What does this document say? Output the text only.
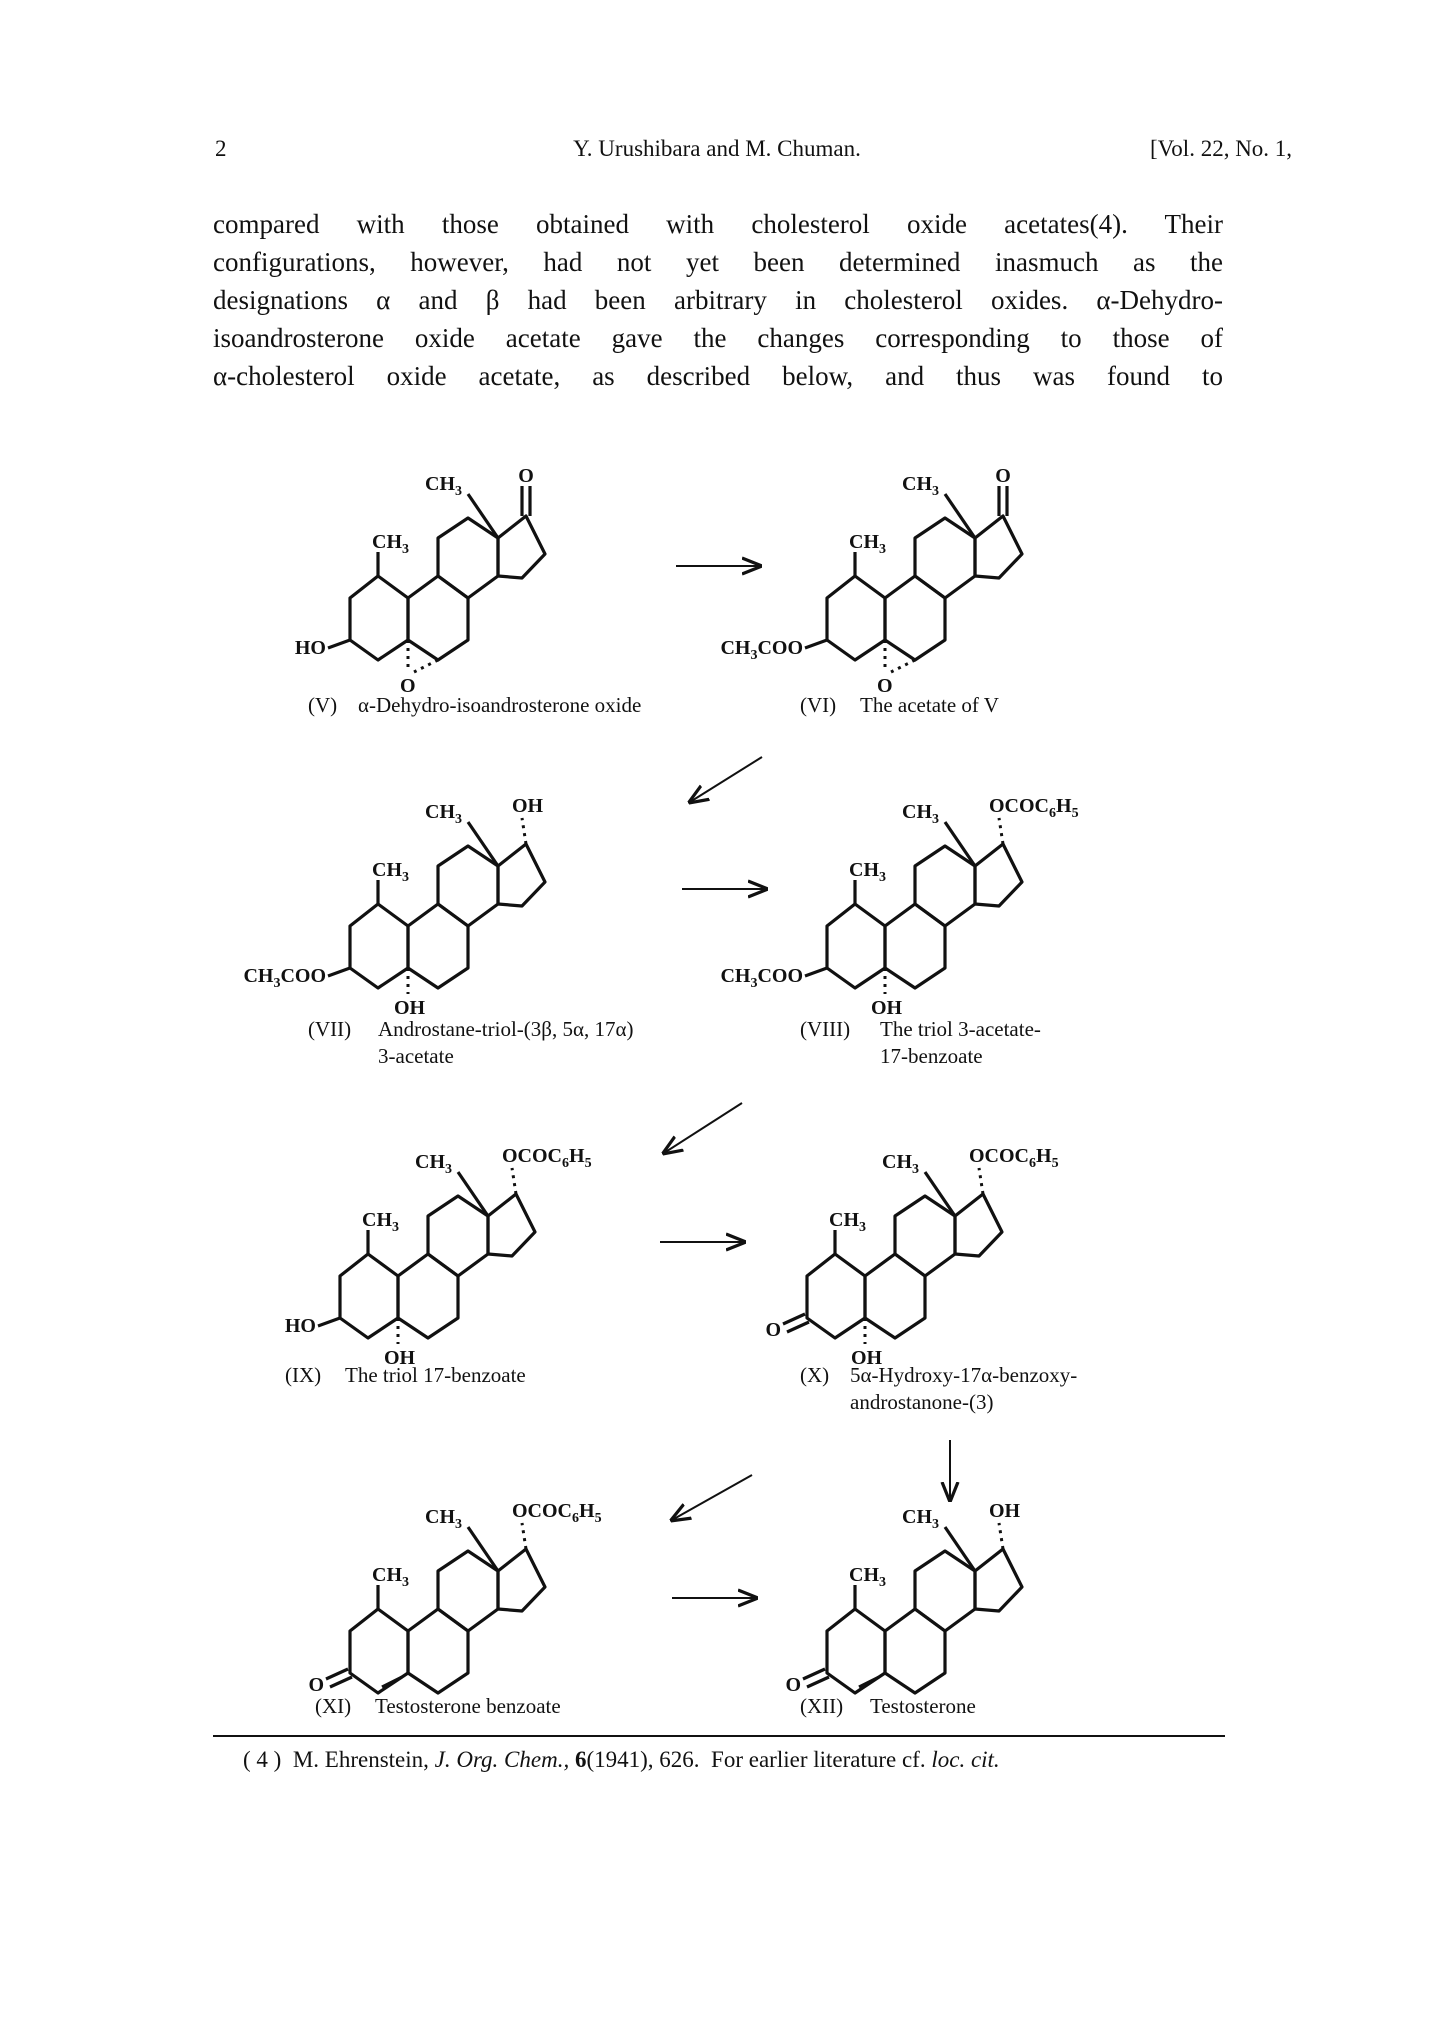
2	Y. Urushibara and M. Chuman.	[Vol. 22, No. 1,
compared with those obtained with cholesterol oxide acetates(4). Their
configurations, however, had not yet been determined inasmuch as the
designations α and β had been arbitrary in cholesterol oxides. α-Dehydro-
isoandrosterone oxide acetate gave the changes corresponding to those of
α-cholesterol oxide acetate, as described below, and thus was found to
$CH_3$
$CH_3$
O
HO
O
$CH_3$
$CH_3$
O
$CH_3COO$
O
$CH_3$
$CH_3$
OH
$CH_3COO$
OH
$CH_3$
$CH_3$
OH
$CH_3COO$
$OCOC_6H_5$
$CH_3$
$CH_3$
OH
HO
$OCOC_6H_5$
$CH_3$
$CH_3$
OH
O
$OCOC_6H_5$
$CH_3$
$CH_3$
O
$OCOC_6H_5$
$CH_3$
$CH_3$
O
OH
(V) α-Dehydro-isoandrosterone oxide	(VI) The acetate of V
(VII) Androstane-triol-(3β, 5α, 17α)
3-acetate
(VIII) The triol 3-acetate-
17-benzoate
(IX) The triol 17-benzoate	(X) 5α-Hydroxy-17α-benzoxy-
androstanone-(3)
(XI) Testosterone benzoate	(XII) Testosterone
( 4 ) M. Ehrenstein, J. Org. Chem., 6(1941), 626. For earlier literature cf. loc. cit.
